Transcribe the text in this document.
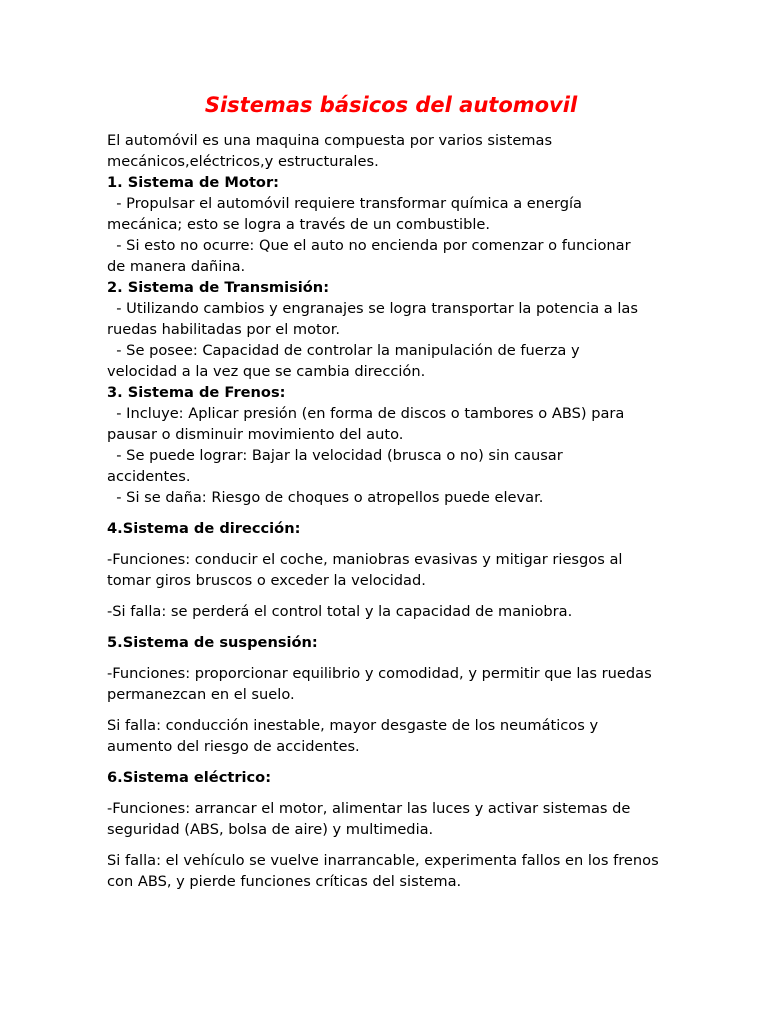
Sistemas básicos del automovil
El automóvil es una maquina compuesta por varios sistemas
mecánicos,eléctricos,y estructurales.
1. Sistema de Motor:
- Propulsar el automóvil requiere transformar química a energía
mecánica; esto se logra a través de un combustible.
- Si esto no ocurre: Que el auto no encienda por comenzar o funcionar
de manera dañina.
2. Sistema de Transmisión:
- Utilizando cambios y engranajes se logra transportar la potencia a las
ruedas habilitadas por el motor.
- Se posee: Capacidad de controlar la manipulación de fuerza y
velocidad a la vez que se cambia dirección.
3. Sistema de Frenos:
- Incluye: Aplicar presión (en forma de discos o tambores o ABS) para
pausar o disminuir movimiento del auto.
- Se puede lograr: Bajar la velocidad (brusca o no) sin causar
accidentes.
- Si se daña: Riesgo de choques o atropellos puede elevar.

4.Sistema de dirección:

-Funciones: conducir el coche, maniobras evasivas y mitigar riesgos al tomar giros bruscos o exceder la velocidad.

-Si falla: se perderá el control total y la capacidad de maniobra.

5.Sistema de suspensión:

-Funciones: proporcionar equilibrio y comodidad, y permitir que las ruedas permanezcan en el suelo.

Si falla: conducción inestable, mayor desgaste de los neumáticos y aumento del riesgo de accidentes.

6.Sistema eléctrico:

-Funciones: arrancar el motor, alimentar las luces y activar sistemas de seguridad (ABS, bolsa de aire) y multimedia.

Si falla: el vehículo se vuelve inarrancable, experimenta fallos en los frenos con ABS, y pierde funciones críticas del sistema.
